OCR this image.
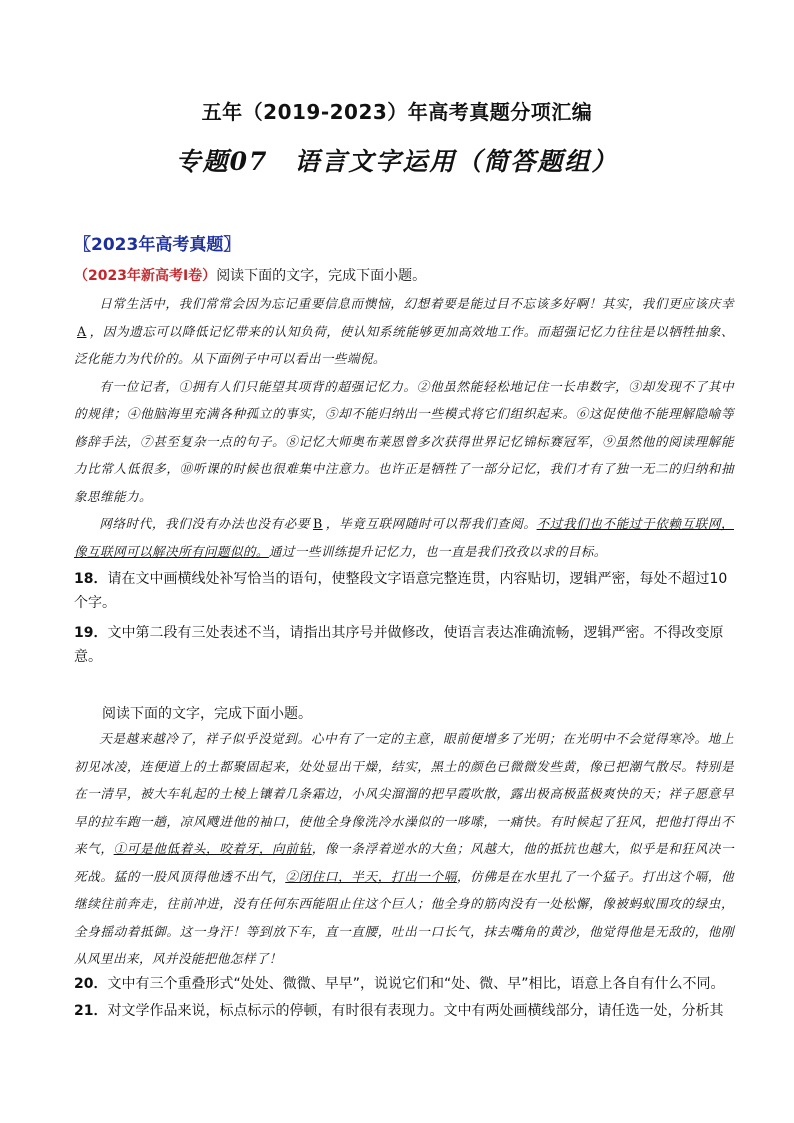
五年（2019-2023）年高考真题分项汇编
专题07 语言文字运用（简答题组）
〖2023年高考真题〗
（2023年新高考Ⅰ卷）阅读下面的文字，完成下面小题。

日常生活中，我们常常会因为忘记重要信息而懊恼，幻想着要是能过目不忘该多好啊！其实，我们更应该庆幸A ，因为遗忘可以降低记忆带来的认知负荷，使认知系统能够更加高效地工作。而超强记忆力往往是以牺牲抽象、泛化能力为代价的。从下面例子中可以看出一些端倪。

有一位记者，①拥有人们只能望其项背的超强记忆力。②他虽然能轻松地记住一长串数字，③却发现不了其中的规律；④他脑海里充满各种孤立的事实，⑤却不能归纳出一些模式将它们组织起来。⑥这促使他不能理解隐喻等修辞手法，⑦甚至复杂一点的句子。⑧记忆大师奥布莱恩曾多次获得世界记忆锦标赛冠军，⑨虽然他的阅读理解能力比常人低很多，⑩听课的时候也很难集中注意力。也许正是牺牲了一部分记忆，我们才有了独一无二的归纳和抽象思维能力。

网络时代，我们没有办法也没有必要 B ，毕竟互联网随时可以帮我们查阅。不过我们也不能过于依赖互联网，像互联网可以解决所有问题似的。通过一些训练提升记忆力，也一直是我们孜孜以求的目标。

18．请在文中画横线处补写恰当的语句，使整段文字语意完整连贯，内容贴切，逻辑严密，每处不超过10个字。
19．文中第二段有三处表述不当，请指出其序号并做修改，使语言表达准确流畅，逻辑严密。不得改变原意。
阅读下面的文字，完成下面小题。

天是越来越冷了，祥子似乎没觉到。心中有了一定的主意，眼前便增多了光明；在光明中不会觉得寒冷。地上初见冰凌，连便道上的土都聚固起来，处处显出干燥，结实，黑土的颜色已微微发些黄，像已把潮气散尽。特别是在一清早，被大车轧起的土棱上镶着几条霜边，小风尖溜溜的把早霞吹散，露出极高极蓝极爽快的天；祥子愿意早早的拉车跑一趟，凉风飕进他的袖口，使他全身像洗冷水澡似的一哆嗦，一痛快。有时候起了狂风，把他打得出不来气，①可是他低着头，咬着牙，向前钻，像一条浮着逆水的大鱼；风越大，他的抵抗也越大，似乎是和狂风决一死战。猛的一股风顶得他透不出气，②闭住口，半天，打出一个嗝，仿佛是在水里扎了一个猛子。打出这个嗝，他继续往前奔走，往前冲进，没有任何东西能阻止住这个巨人；他全身的筋肉没有一处松懈，像被蚂蚁围攻的绿虫，全身摇动着抵御。这一身汗！等到放下车，直一直腰，吐出一口长气，抹去嘴角的黄沙，他觉得他是无敌的，他刚从风里出来，风并没能把他怎样了！

20．文中有三个重叠形式“处处、微微、早早”，说说它们和“处、微、早”相比，语意上各自有什么不同。
21．对文学作品来说，标点标示的停顿，有时很有表现力。文中有两处画横线部分，请任选一处，分析其
